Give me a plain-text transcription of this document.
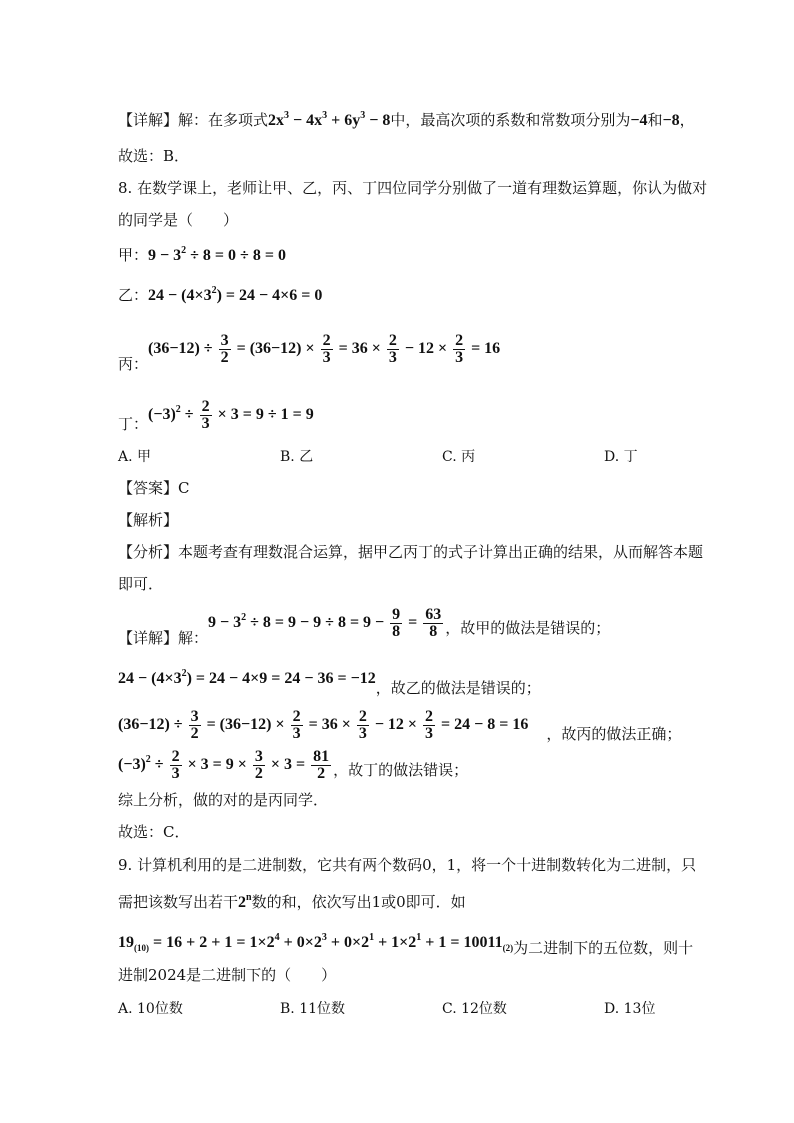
【详解】解：在多项式$2x^3 - 4x^3 + 6y^3 - 8$中，最高次项的系数和常数项分别为−4和−8，
故选：B．
8. 在数学课上，老师让甲、乙，丙、丁四位同学分别做了一道有理数运算题，你认为做对
的同学是（　　）
甲：$9 - 3^2 \div 8 = 0 \div 8 = 0$
乙：$24 - (4\times 3^2) = 24 - 4\times 6 = 0$
丙：$(36-12) \div \frac{3}{2} = (36-12) \times \frac{2}{3} = 36 \times \frac{2}{3} - 12 \times \frac{2}{3} = 16$
丁：$(-3)^2 \div \frac{2}{3} \times 3 = 9 \div 1 = 9$
A. 甲	B. 乙	C. 丙	D. 丁
【答案】C
【解析】
【分析】本题考查有理数混合运算，据甲乙丙丁的式子计算出正确的结果，从而解答本题
即可．
【详解】解：$9 - 3^2 \div 8 = 9 - 9 \div 8 = 9 - \frac{9}{8} = \frac{63}{8}$ ，故甲的做法是错误的；
$24 - (4\times 3^2) = 24 - 4\times 9 = 24 - 36 = -12$，故乙的做法是错误的；
$(36-12) \div \frac{3}{2} = (36-12) \times \frac{2}{3} = 36 \times \frac{2}{3} - 12 \times \frac{2}{3} = 24 - 8 = 16$，故丙的做法正确；
$(-3)^2 \div \frac{2}{3} \times 3 = 9 \times \frac{3}{2} \times 3 = \frac{81}{2}$ ，故丁的做法错误；
综上分析，做的对的是丙同学．
故选：C．
9. 计算机利用的是二进制数，它共有两个数码0，1，将一个十进制数转化为二进制，只
需把该数写出若干2$^n$数的和，依次写出1或0即可．如
$19_{(10)} = 16 + 2 + 1 = 1\times 2^4 + 0\times 2^3 + 0\times 2^1 + 1\times 2^1 + 1 = 10011_{(2)}$为二进制下的五位数，则十
进制2024是二进制下的（　　）
A. 10位数	B. 11位数	C. 12位数	D. 13位
